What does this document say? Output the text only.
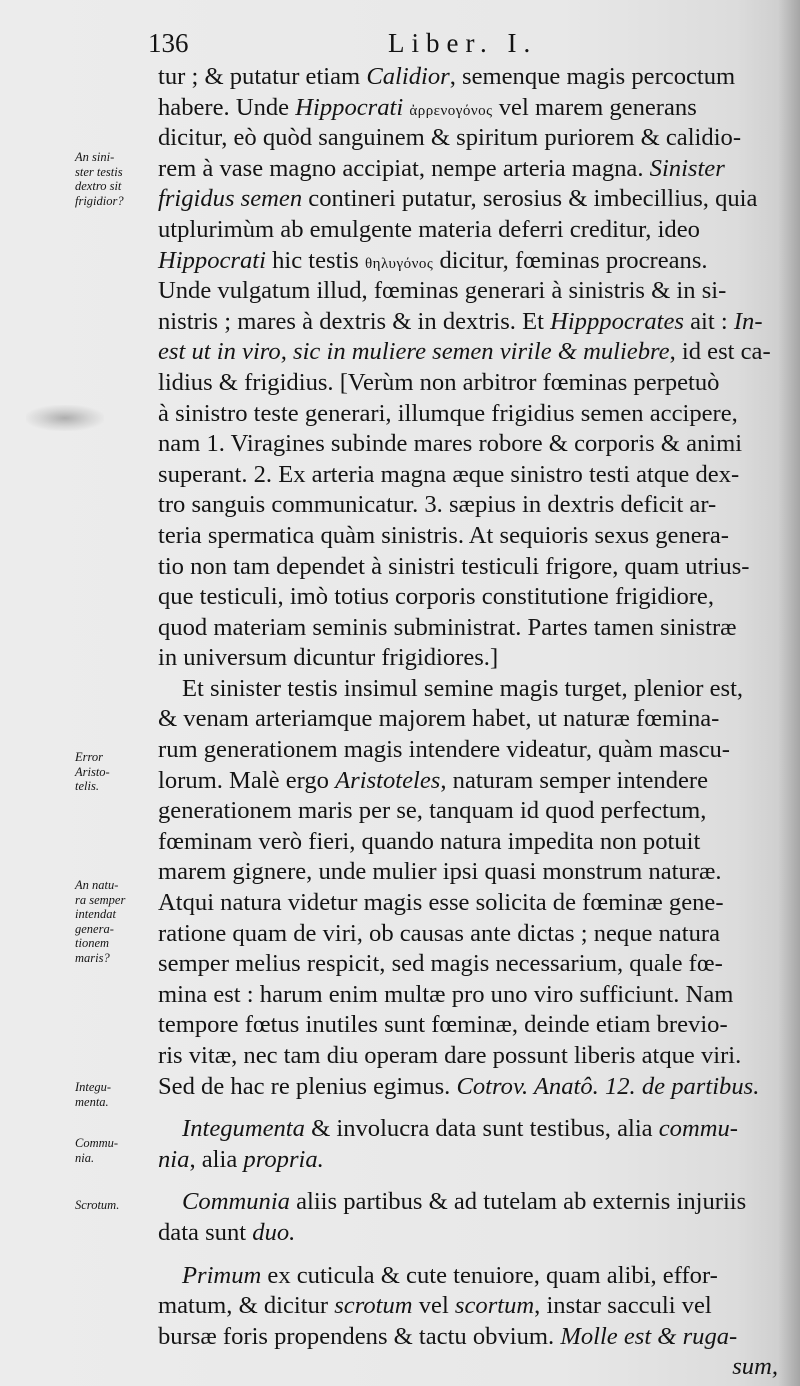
136	Liber. I.
An sini-
ster testis
dextro sit
frigidior?
Error
Aristo-
telis.
An natu-
ra semper
intendat
genera-
tionem
maris?
Integu-
menta.
Commu-
nia.
Scrotum.
tur ; & putatur etiam Calidior, semenque magis percoctum
habere. Unde Hippocrati ἀρρενογόνος vel marem generans
dicitur, eò quòd sanguinem & spiritum puriorem & calidio-
rem à vase magno accipiat, nempe arteria magna. Sinister
frigidus semen contineri putatur, serosius & imbecillius, quia
utplurimùm ab emulgente materia deferri creditur, ideo
Hippocrati hic testis θηλυγόνος dicitur, fœminas procreans.
Unde vulgatum illud, fœminas generari à sinistris & in si-
nistris ; mares à dextris & in dextris. Et Hipppocrates ait : In-
est ut in viro, sic in muliere semen virile & muliebre, id est ca-
lidius & frigidius. [Verùm non arbitror fœminas perpetuò
à sinistro teste generari, illumque frigidius semen accipere,
nam 1. Viragines subinde mares robore & corporis & animi
superant. 2. Ex arteria magna æque sinistro testi atque dex-
tro sanguis communicatur. 3. sæpius in dextris deficit ar-
teria spermatica quàm sinistris. At sequioris sexus genera-
tio non tam dependet à sinistri testiculi frigore, quam utrius-
que testiculi, imò totius corporis constitutione frigidiore,
quod materiam seminis subministrat. Partes tamen sinistræ
in universum dicuntur frigidiores.]
Et sinister testis insimul semine magis turget, plenior est,
& venam arteriamque majorem habet, ut naturæ fœmina-
rum generationem magis intendere videatur, quàm mascu-
lorum. Malè ergo Aristoteles, naturam semper intendere
generationem maris per se, tanquam id quod perfectum,
fœminam verò fieri, quando natura impedita non potuit
marem gignere, unde mulier ipsi quasi monstrum naturæ.
Atqui natura videtur magis esse solicita de fœminæ gene-
ratione quam de viri, ob causas ante dictas ; neque natura
semper melius respicit, sed magis necessarium, quale fœ-
mina est : harum enim multæ pro uno viro sufficiunt. Nam
tempore fœtus inutiles sunt fœminæ, deinde etiam brevio-
ris vitæ, nec tam diu operam dare possunt liberis atque viri.
Sed de hac re plenius egimus. Cotrov. Anatô. 12. de partibus.
Integumenta & involucra data sunt testibus, alia commu-
nia, alia propria.
Communia aliis partibus & ad tutelam ab externis injuriis
data sunt duo.
Primum ex cuticula & cute tenuiore, quam alibi, effor-
matum, & dicitur scrotum vel scortum, instar sacculi vel
bursæ foris propendens & tactu obvium. Molle est & ruga-
sum,
